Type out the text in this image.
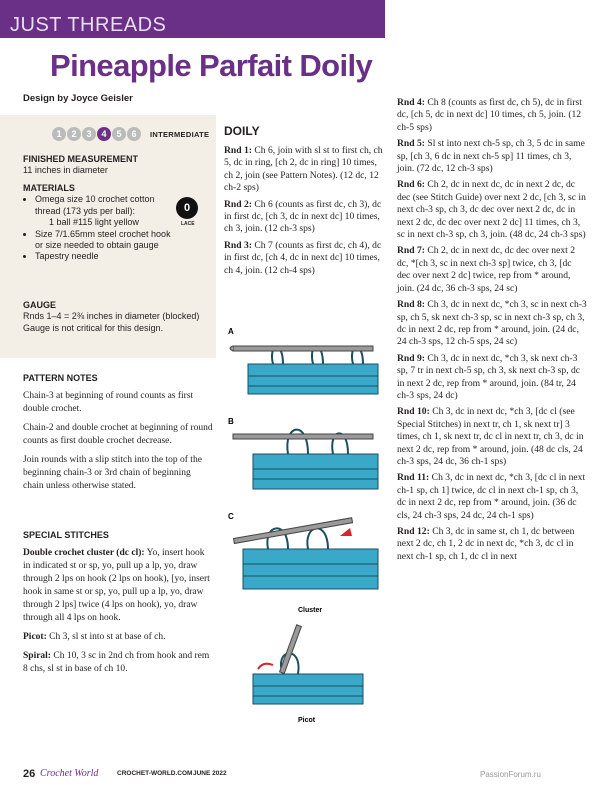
JUST THREADS
Pineapple Parfait Doily
Design by Joyce Geisler
1	2	3	4	5	6	INTERMEDIATE
FINISHED MEASUREMENT
11 inches in diameter
MATERIALS
• Omega size 10 crochet cotton thread (173 yds per ball):
1 ball #115 light yellow
• Size 7/1.65mm steel crochet hook or size needed to obtain gauge
• Tapestry needle
0
LACE
GAUGE
Rnds 1–4 = 2⅜ inches in diameter (blocked)
Gauge is not critical for this design.
PATTERN NOTES

Chain-3 at beginning of round counts as first double crochet.

Chain-2 and double crochet at beginning of round counts as first double crochet decrease.

Join rounds with a slip stitch into the top of the beginning chain-3 or 3rd chain of beginning chain unless otherwise stated.

SPECIAL STITCHES

Double crochet cluster (dc cl): Yo, insert hook in indicated st or sp, yo, pull up a lp, yo, draw through 2 lps on hook (2 lps on hook), [yo, insert hook in same st or sp, yo, pull up a lp, yo, draw through 2 lps] twice (4 lps on hook), yo, draw through all 4 lps on hook.

Picot: Ch 3, sl st into st at base of ch.

Spiral: Ch 10, 3 sc in 2nd ch from hook and rem 8 chs, sl st in base of ch 10.

DOILY

Rnd 1: Ch 6, join with sl st to first ch, ch 5, dc in ring, [ch 2, dc in ring] 10 times, ch 2, join (see Pattern Notes). (12 dc, 12 ch-2 sps)

Rnd 2: Ch 6 (counts as first dc, ch 3), dc in first dc, [ch 3, dc in next dc] 10 times, ch 3, join. (12 ch-3 sps)

Rnd 3: Ch 7 (counts as first dc, ch 4), dc in first dc, [ch 4, dc in next dc] 10 times, ch 4, join. (12 ch-4 sps)

A
B
C
Cluster
Picot

Rnd 4: Ch 8 (counts as first dc, ch 5), dc in first dc, [ch 5, dc in next dc] 10 times, ch 5, join. (12 ch-5 sps)

Rnd 5: Sl st into next ch-5 sp, ch 3, 5 dc in same sp, [ch 3, 6 dc in next ch-5 sp] 11 times, ch 3, join. (72 dc, 12 ch-3 sps)

Rnd 6: Ch 2, dc in next dc, dc in next 2 dc, dc dec (see Stitch Guide) over next 2 dc, [ch 3, sc in next ch-3 sp, ch 3, dc dec over next 2 dc, dc in next 2 dc, dc dec over next 2 dc] 11 times, ch 3, sc in next ch-3 sp, ch 3, join. (48 dc, 24 ch-3 sps)

Rnd 7: Ch 2, dc in next dc, dc dec over next 2 dc, *[ch 3, sc in next ch-3 sp] twice, ch 3, [dc dec over next 2 dc] twice, rep from * around, join. (24 dc, 36 ch-3 sps, 24 sc)

Rnd 8: Ch 3, dc in next dc, *ch 3, sc in next ch-3 sp, ch 5, sk next ch-3 sp, sc in next ch-3 sp, ch 3, dc in next 2 dc, rep from * around, join. (24 dc, 24 ch-3 sps, 12 ch-5 sps, 24 sc)

Rnd 9: Ch 3, dc in next dc, *ch 3, sk next ch-3 sp, 7 tr in next ch-5 sp, ch 3, sk next ch-3 sp, dc in next 2 dc, rep from * around, join. (84 tr, 24 ch-3 sps, 24 dc)

Rnd 10: Ch 3, dc in next dc, *ch 3, [dc cl (see Special Stitches) in next tr, ch 1, sk next tr] 3 times, ch 1, sk next tr, dc cl in next tr, ch 3, dc in next 2 dc, rep from * around, join. (48 dc cls, 24 ch-3 sps, 24 dc, 36 ch-1 sps)

Rnd 11: Ch 3, dc in next dc, *ch 3, [dc cl in next ch-1 sp, ch 1] twice, dc cl in next ch-1 sp, ch 3, dc in next 2 dc, rep from * around, join. (36 dc cls, 24 ch-3 sps, 24 dc, 24 ch-1 sps)

Rnd 12: Ch 3, dc in same st, ch 1, dc between next 2 dc, ch 1, 2 dc in next dc, *ch 3, dc cl in next ch-1 sp, ch 1, dc cl in next

26 Crochet World	CROCHET-WORLD.COM JUNE 2022	PassionForum.ru
